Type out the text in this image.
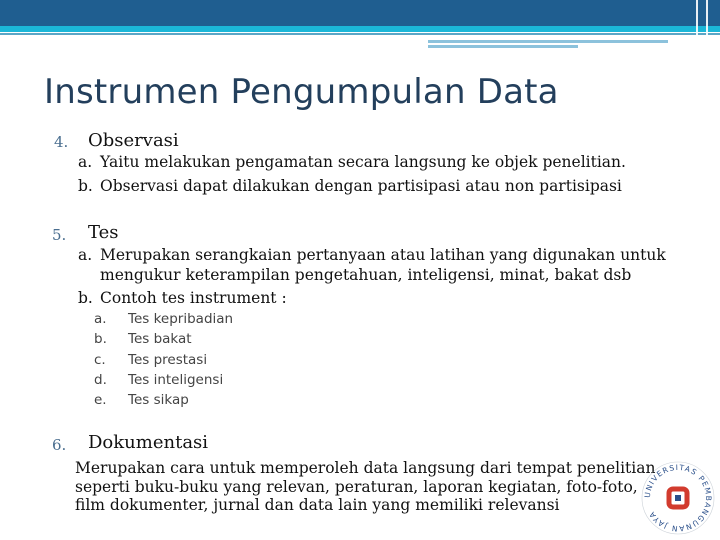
Instrumen Pengumpulan Data
4. Observasi
a. Yaitu melakukan pengamatan secara langsung ke objek penelitian.
b. Observasi dapat dilakukan dengan partisipasi atau non partisipasi
5. Tes
a. Merupakan serangkaian pertanyaan atau latihan yang digunakan untuk
mengukur keterampilan pengetahuan, inteligensi, minat, bakat dsb
b. Contoh tes instrument :
a. Tes kepribadian
b. Tes bakat
c. Tes prestasi
d. Tes inteligensi
e. Tes sikap
6. Dokumentasi
Merupakan cara untuk memperoleh data langsung dari tempat penelitian seperti buku-buku yang relevan, peraturan, laporan kegiatan, foto-foto, film dokumenter, jurnal dan data lain yang memiliki relevansi
UNIVERSITAS PEMBANGUNAN JAYA
